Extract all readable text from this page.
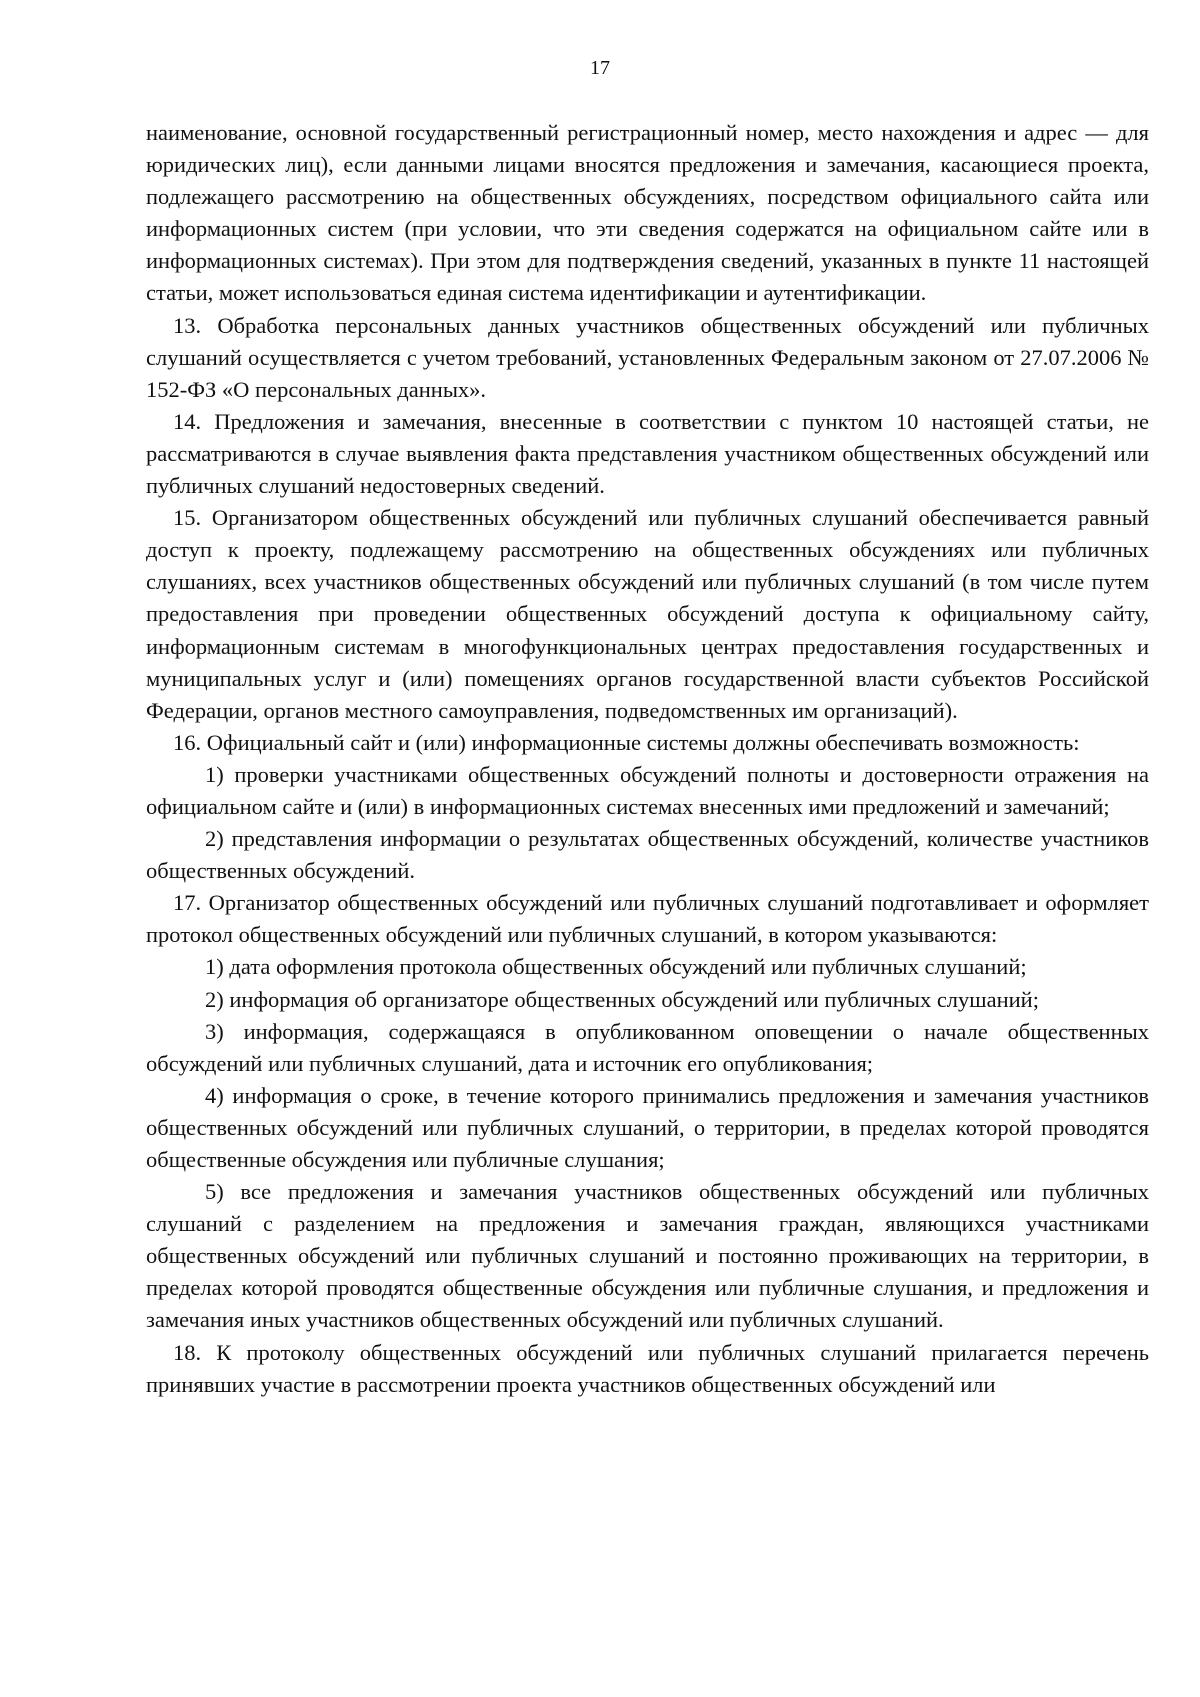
17

наименование, основной государственный регистрационный номер, место нахождения и адрес — для юридических лиц), если данными лицами вносятся предложения и замечания, касающиеся проекта, подлежащего рассмотрению на общественных обсуждениях, посредством официального сайта или информационных систем (при условии, что эти сведения содержатся на официальном сайте или в информационных системах). При этом для подтверждения сведений, указанных в пункте 11 настоящей статьи, может использоваться единая система идентификации и аутентификации.

13. Обработка персональных данных участников общественных обсуждений или публичных слушаний осуществляется с учетом требований, установленных Федеральным законом от 27.07.2006 № 152-ФЗ «О персональных данных».

14. Предложения и замечания, внесенные в соответствии с пунктом 10 настоящей статьи, не рассматриваются в случае выявления факта представления участником общественных обсуждений или публичных слушаний недостоверных сведений.

15. Организатором общественных обсуждений или публичных слушаний обеспечивается равный доступ к проекту, подлежащему рассмотрению на общественных обсуждениях или публичных слушаниях, всех участников общественных обсуждений или публичных слушаний (в том числе путем предоставления при проведении общественных обсуждений доступа к официальному сайту, информационным системам в многофункциональных центрах предоставления государственных и муниципальных услуг и (или) помещениях органов государственной власти субъектов Российской Федерации, органов местного самоуправления, подведомственных им организаций).

16. Официальный сайт и (или) информационные системы должны обеспечивать возможность:

1) проверки участниками общественных обсуждений полноты и достоверности отражения на официальном сайте и (или) в информационных системах внесенных ими предложений и замечаний;

2) представления информации о результатах общественных обсуждений, количестве участников общественных обсуждений.

17. Организатор общественных обсуждений или публичных слушаний подготавливает и оформляет протокол общественных обсуждений или публичных слушаний, в котором указываются:

1) дата оформления протокола общественных обсуждений или публичных слушаний;

2) информация об организаторе общественных обсуждений или публичных слушаний;

3) информация, содержащаяся в опубликованном оповещении о начале общественных обсуждений или публичных слушаний, дата и источник его опубликования;

4) информация о сроке, в течение которого принимались предложения и замечания участников общественных обсуждений или публичных слушаний, о территории, в пределах которой проводятся общественные обсуждения или публичные слушания;

5) все предложения и замечания участников общественных обсуждений или публичных слушаний с разделением на предложения и замечания граждан, являющихся участниками общественных обсуждений или публичных слушаний и постоянно проживающих на территории, в пределах которой проводятся общественные обсуждения или публичные слушания, и предложения и замечания иных участников общественных обсуждений или публичных слушаний.

18. К протоколу общественных обсуждений или публичных слушаний прилагается перечень принявших участие в рассмотрении проекта участников общественных обсуждений или
